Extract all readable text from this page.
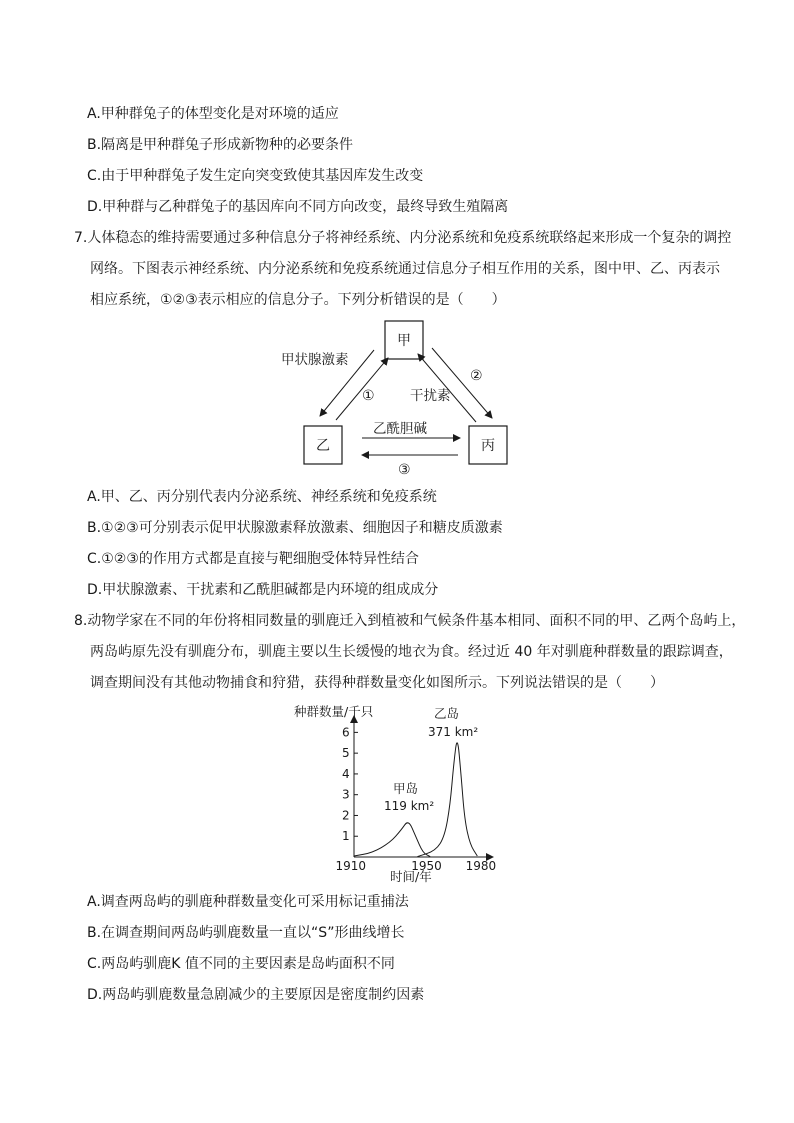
A.甲种群兔子的体型变化是对环境的适应
B.隔离是甲种群兔子形成新物种的必要条件
C.由于甲种群兔子发生定向突变致使其基因库发生改变
D.甲种群与乙种群兔子的基因库向不同方向改变，最终导致生殖隔离
7.人体稳态的维持需要通过多种信息分子将神经系统、内分泌系统和免疫系统联络起来形成一个复杂的调控
网络。下图表示神经系统、内分泌系统和免疫系统通过信息分子相互作用的关系，图中甲、乙、丙表示
相应系统，①②③表示相应的信息分子。下列分析错误的是（　　）
甲
乙	丙
甲状腺激素
①
②
干扰素
乙酰胆碱
③
A.甲、乙、丙分别代表内分泌系统、神经系统和免疫系统
B.①②③可分别表示促甲状腺激素释放激素、细胞因子和糖皮质激素
C.①②③的作用方式都是直接与靶细胞受体特异性结合
D.甲状腺激素、干扰素和乙酰胆碱都是内环境的组成成分
8.动物学家在不同的年份将相同数量的驯鹿迁入到植被和气候条件基本相同、面积不同的甲、乙两个岛屿上，
两岛屿原先没有驯鹿分布，驯鹿主要以生长缓慢的地衣为食。经过近 40 年对驯鹿种群数量的跟踪调查，
调查期间没有其他动物捕食和狩猎，获得种群数量变化如图所示。下列说法错误的是（　　）
种群数量/千只
时间/年
1
2
3
4
5
6
1910	1950 1980
甲岛
119 km²
乙岛
371 km²
A.调查两岛屿的驯鹿种群数量变化可采用标记重捕法
B.在调查期间两岛屿驯鹿数量一直以“S”形曲线增长
C.两岛屿驯鹿K 值不同的主要因素是岛屿面积不同
D.两岛屿驯鹿数量急剧减少的主要原因是密度制约因素
